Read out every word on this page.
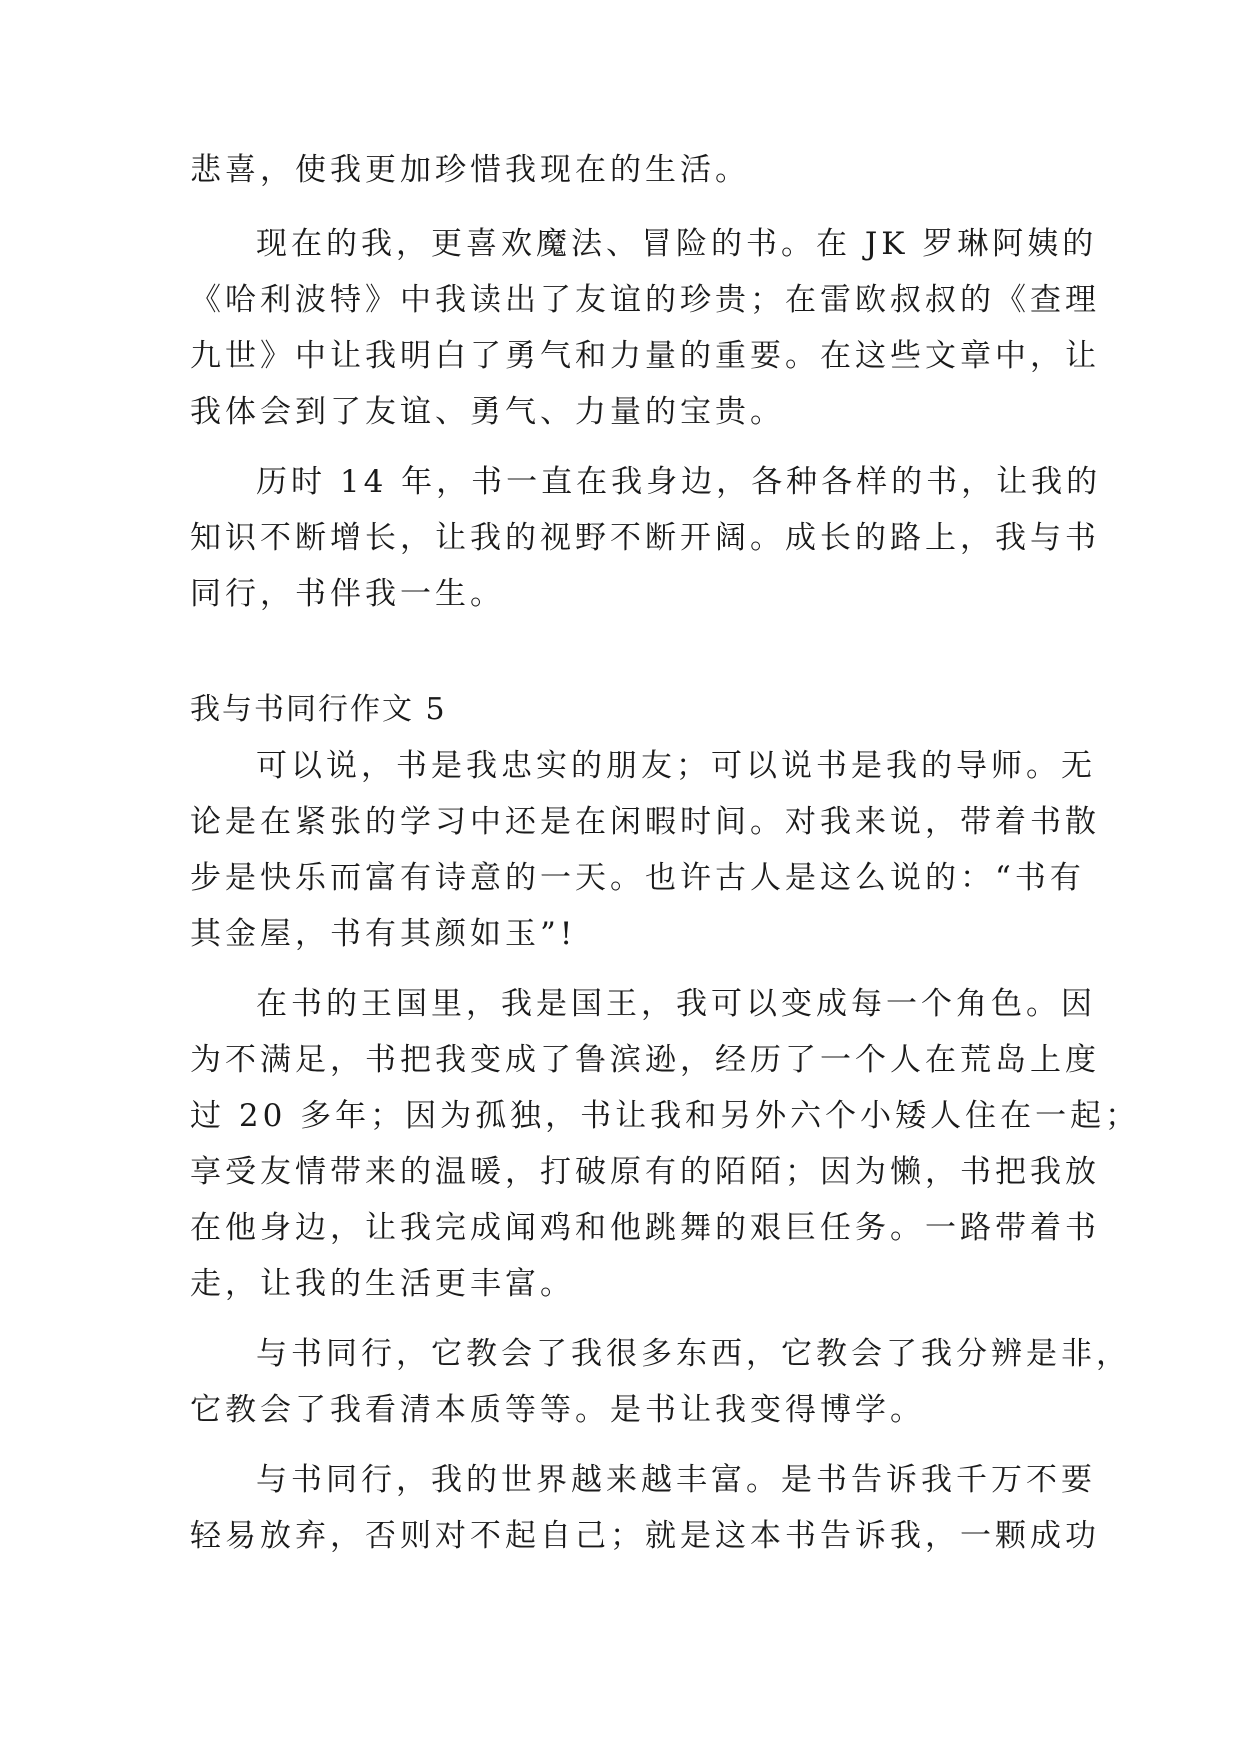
悲喜，使我更加珍惜我现在的生活。

现在的我，更喜欢魔法、冒险的书。在 JK 罗琳阿姨的

《哈利波特》中我读出了友谊的珍贵；在雷欧叔叔的《查理

九世》中让我明白了勇气和力量的重要。在这些文章中，让

我体会到了友谊、勇气、力量的宝贵。

历时 14 年，书一直在我身边，各种各样的书，让我的

知识不断增长，让我的视野不断开阔。成长的路上，我与书

同行，书伴我一生。

我与书同行作文 5

可以说，书是我忠实的朋友；可以说书是我的导师。无

论是在紧张的学习中还是在闲暇时间。对我来说，带着书散

步是快乐而富有诗意的一天。也许古人是这么说的：“书有

其金屋，书有其颜如玉”!

在书的王国里，我是国王，我可以变成每一个角色。因

为不满足，书把我变成了鲁滨逊，经历了一个人在荒岛上度

过 20 多年；因为孤独，书让我和另外六个小矮人住在一起；

享受友情带来的温暖，打破原有的陌陌；因为懒，书把我放

在他身边，让我完成闻鸡和他跳舞的艰巨任务。一路带着书

走，让我的生活更丰富。

与书同行，它教会了我很多东西，它教会了我分辨是非，

它教会了我看清本质等等。是书让我变得博学。

与书同行，我的世界越来越丰富。是书告诉我千万不要

轻易放弃，否则对不起自己；就是这本书告诉我，一颗成功
